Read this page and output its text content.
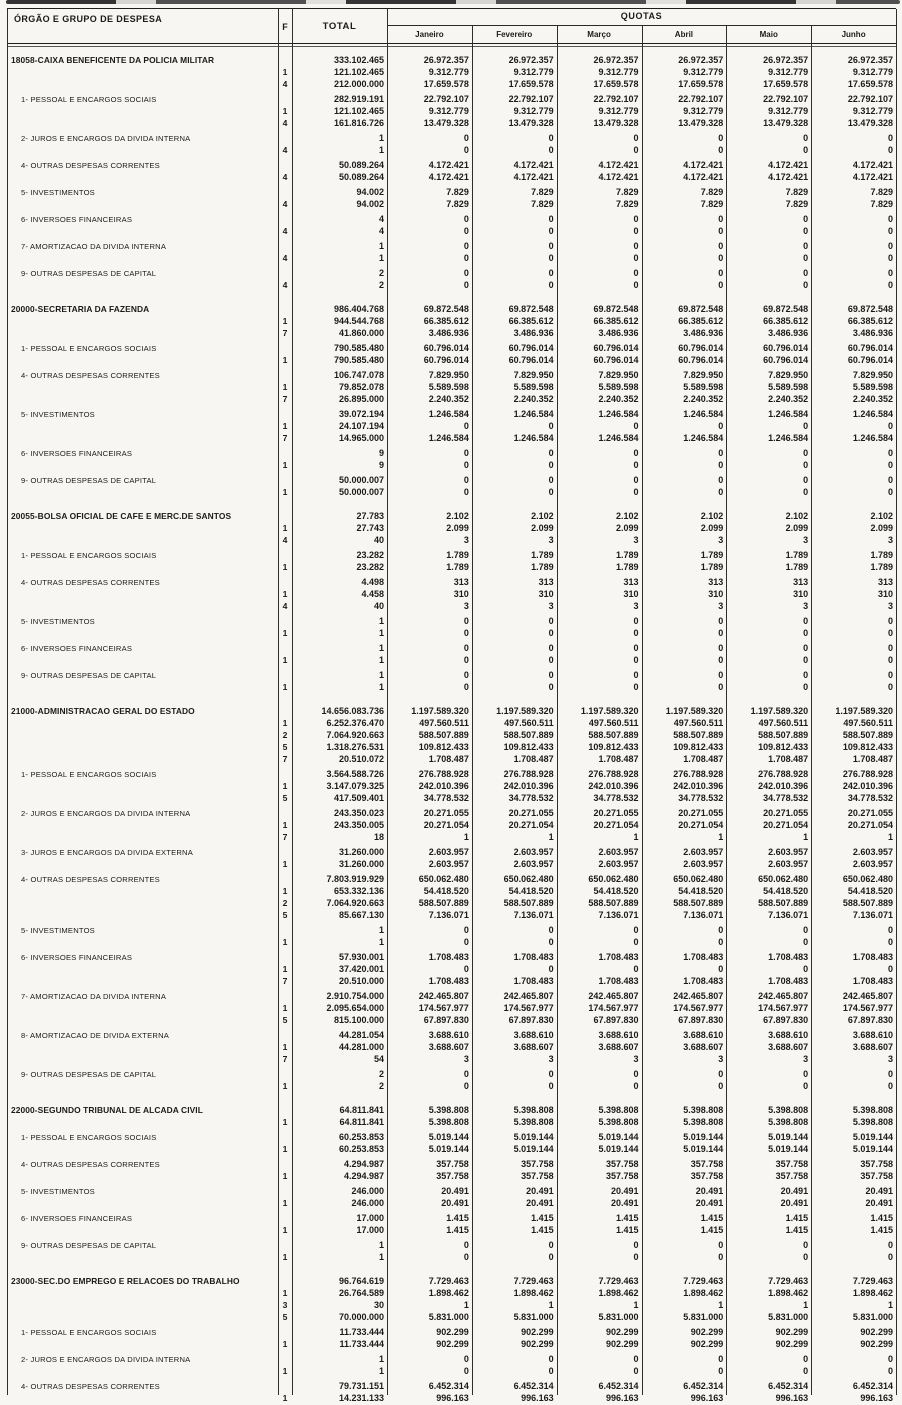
ÓRGÃO E GRUPO DE DESPESA
F	TOTAL
QUOTAS
Janeiro	Fevereiro	Março	Abril	Maio	Junho
18058-CAIXA BENEFICENTE DA POLICIA MILITAR	333.102.465	26.972.357	26.972.357	26.972.357	26.972.357	26.972.357	26.972.357
1	121.102.465	9.312.779	9.312.779	9.312.779	9.312.779	9.312.779	9.312.779
4	212.000.000	17.659.578	17.659.578	17.659.578	17.659.578	17.659.578	17.659.578
1- PESSOAL E ENCARGOS SOCIAIS	282.919.191	22.792.107	22.792.107	22.792.107	22.792.107	22.792.107	22.792.107
1	121.102.465	9.312.779	9.312.779	9.312.779	9.312.779	9.312.779	9.312.779
4	161.816.726	13.479.328	13.479.328	13.479.328	13.479.328	13.479.328	13.479.328
2- JUROS E ENCARGOS DA DIVIDA INTERNA	1	0	0	0	0	0	0
4	1	0	0	0	0	0	0
4- OUTRAS DESPESAS CORRENTES	50.089.264	4.172.421	4.172.421	4.172.421	4.172.421	4.172.421	4.172.421
4	50.089.264	4.172.421	4.172.421	4.172.421	4.172.421	4.172.421	4.172.421
5- INVESTIMENTOS	94.002	7.829	7.829	7.829	7.829	7.829	7.829
4	94.002	7.829	7.829	7.829	7.829	7.829	7.829
6- INVERSOES FINANCEIRAS	4	0	0	0	0	0	0
4	4	0	0	0	0	0	0
7- AMORTIZACAO DA DIVIDA INTERNA	1	0	0	0	0	0	0
4	1	0	0	0	0	0	0
9- OUTRAS DESPESAS DE CAPITAL	2	0	0	0	0	0	0
4	2	0	0	0	0	0	0
20000-SECRETARIA DA FAZENDA	986.404.768	69.872.548	69.872.548	69.872.548	69.872.548	69.872.548	69.872.548
1	944.544.768	66.385.612	66.385.612	66.385.612	66.385.612	66.385.612	66.385.612
7	41.860.000	3.486.936	3.486.936	3.486.936	3.486.936	3.486.936	3.486.936
1- PESSOAL E ENCARGOS SOCIAIS	790.585.480	60.796.014	60.796.014	60.796.014	60.796.014	60.796.014	60.796.014
1	790.585.480	60.796.014	60.796.014	60.796.014	60.796.014	60.796.014	60.796.014
4- OUTRAS DESPESAS CORRENTES	106.747.078	7.829.950	7.829.950	7.829.950	7.829.950	7.829.950	7.829.950
1	79.852.078	5.589.598	5.589.598	5.589.598	5.589.598	5.589.598	5.589.598
7	26.895.000	2.240.352	2.240.352	2.240.352	2.240.352	2.240.352	2.240.352
5- INVESTIMENTOS	39.072.194	1.246.584	1.246.584	1.246.584	1.246.584	1.246.584	1.246.584
1	24.107.194	0	0	0	0	0	0
7	14.965.000	1.246.584	1.246.584	1.246.584	1.246.584	1.246.584	1.246.584
6- INVERSOES FINANCEIRAS	9	0	0	0	0	0	0
1	9	0	0	0	0	0	0
9- OUTRAS DESPESAS DE CAPITAL	50.000.007	0	0	0	0	0	0
1	50.000.007	0	0	0	0	0	0
20055-BOLSA OFICIAL DE CAFE E MERC.DE SANTOS	27.783	2.102	2.102	2.102	2.102	2.102	2.102
1	27.743	2.099	2.099	2.099	2.099	2.099	2.099
4	40	3	3	3	3	3	3
1- PESSOAL E ENCARGOS SOCIAIS	23.282	1.789	1.789	1.789	1.789	1.789	1.789
1	23.282	1.789	1.789	1.789	1.789	1.789	1.789
4- OUTRAS DESPESAS CORRENTES	4.498	313	313	313	313	313	313
1	4.458	310	310	310	310	310	310
4	40	3	3	3	3	3	3
5- INVESTIMENTOS	1	0	0	0	0	0	0
1	1	0	0	0	0	0	0
6- INVERSOES FINANCEIRAS	1	0	0	0	0	0	0
1	1	0	0	0	0	0	0
9- OUTRAS DESPESAS DE CAPITAL	1	0	0	0	0	0	0
1	1	0	0	0	0	0	0
21000-ADMINISTRACAO GERAL DO ESTADO	14.656.083.736	1.197.589.320	1.197.589.320	1.197.589.320	1.197.589.320	1.197.589.320	1.197.589.320
1	6.252.376.470	497.560.511	497.560.511	497.560.511	497.560.511	497.560.511	497.560.511
2	7.064.920.663	588.507.889	588.507.889	588.507.889	588.507.889	588.507.889	588.507.889
5	1.318.276.531	109.812.433	109.812.433	109.812.433	109.812.433	109.812.433	109.812.433
7	20.510.072	1.708.487	1.708.487	1.708.487	1.708.487	1.708.487	1.708.487
1- PESSOAL E ENCARGOS SOCIAIS	3.564.588.726	276.788.928	276.788.928	276.788.928	276.788.928	276.788.928	276.788.928
1	3.147.079.325	242.010.396	242.010.396	242.010.396	242.010.396	242.010.396	242.010.396
5	417.509.401	34.778.532	34.778.532	34.778.532	34.778.532	34.778.532	34.778.532
2- JUROS E ENCARGOS DA DIVIDA INTERNA	243.350.023	20.271.055	20.271.055	20.271.055	20.271.055	20.271.055	20.271.055
1	243.350.005	20.271.054	20.271.054	20.271.054	20.271.054	20.271.054	20.271.054
7	18	1	1	1	1	1	1
3- JUROS E ENCARGOS DA DIVIDA EXTERNA	31.260.000	2.603.957	2.603.957	2.603.957	2.603.957	2.603.957	2.603.957
1	31.260.000	2.603.957	2.603.957	2.603.957	2.603.957	2.603.957	2.603.957
4- OUTRAS DESPESAS CORRENTES	7.803.919.929	650.062.480	650.062.480	650.062.480	650.062.480	650.062.480	650.062.480
1	653.332.136	54.418.520	54.418.520	54.418.520	54.418.520	54.418.520	54.418.520
2	7.064.920.663	588.507.889	588.507.889	588.507.889	588.507.889	588.507.889	588.507.889
5	85.667.130	7.136.071	7.136.071	7.136.071	7.136.071	7.136.071	7.136.071
5- INVESTIMENTOS	1	0	0	0	0	0	0
1	1	0	0	0	0	0	0
6- INVERSOES FINANCEIRAS	57.930.001	1.708.483	1.708.483	1.708.483	1.708.483	1.708.483	1.708.483
1	37.420.001	0	0	0	0	0	0
7	20.510.000	1.708.483	1.708.483	1.708.483	1.708.483	1.708.483	1.708.483
7- AMORTIZACAO DA DIVIDA INTERNA	2.910.754.000	242.465.807	242.465.807	242.465.807	242.465.807	242.465.807	242.465.807
1	2.095.654.000	174.567.977	174.567.977	174.567.977	174.567.977	174.567.977	174.567.977
5	815.100.000	67.897.830	67.897.830	67.897.830	67.897.830	67.897.830	67.897.830
8- AMORTIZACAO DE DIVIDA EXTERNA	44.281.054	3.688.610	3.688.610	3.688.610	3.688.610	3.688.610	3.688.610
1	44.281.000	3.688.607	3.688.607	3.688.607	3.688.607	3.688.607	3.688.607
7	54	3	3	3	3	3	3
9- OUTRAS DESPESAS DE CAPITAL	2	0	0	0	0	0	0
1	2	0	0	0	0	0	0
22000-SEGUNDO TRIBUNAL DE ALCADA CIVIL	64.811.841	5.398.808	5.398.808	5.398.808	5.398.808	5.398.808	5.398.808
1	64.811.841	5.398.808	5.398.808	5.398.808	5.398.808	5.398.808	5.398.808
1- PESSOAL E ENCARGOS SOCIAIS	60.253.853	5.019.144	5.019.144	5.019.144	5.019.144	5.019.144	5.019.144
1	60.253.853	5.019.144	5.019.144	5.019.144	5.019.144	5.019.144	5.019.144
4- OUTRAS DESPESAS CORRENTES	4.294.987	357.758	357.758	357.758	357.758	357.758	357.758
1	4.294.987	357.758	357.758	357.758	357.758	357.758	357.758
5- INVESTIMENTOS	246.000	20.491	20.491	20.491	20.491	20.491	20.491
1	246.000	20.491	20.491	20.491	20.491	20.491	20.491
6- INVERSOES FINANCEIRAS	17.000	1.415	1.415	1.415	1.415	1.415	1.415
1	17.000	1.415	1.415	1.415	1.415	1.415	1.415
9- OUTRAS DESPESAS DE CAPITAL	1	0	0	0	0	0	0
1	1	0	0	0	0	0	0
23000-SEC.DO EMPREGO E RELACOES DO TRABALHO	96.764.619	7.729.463	7.729.463	7.729.463	7.729.463	7.729.463	7.729.463
1	26.764.589	1.898.462	1.898.462	1.898.462	1.898.462	1.898.462	1.898.462
3	30	1	1	1	1	1	1
5	70.000.000	5.831.000	5.831.000	5.831.000	5.831.000	5.831.000	5.831.000
1- PESSOAL E ENCARGOS SOCIAIS	11.733.444	902.299	902.299	902.299	902.299	902.299	902.299
1	11.733.444	902.299	902.299	902.299	902.299	902.299	902.299
2- JUROS E ENCARGOS DA DIVIDA INTERNA	1	0	0	0	0	0	0
1	1	0	0	0	0	0	0
4- OUTRAS DESPESAS CORRENTES	79.731.151	6.452.314	6.452.314	6.452.314	6.452.314	6.452.314	6.452.314
1	14.231.133	996.163	996.163	996.163	996.163	996.163	996.163
